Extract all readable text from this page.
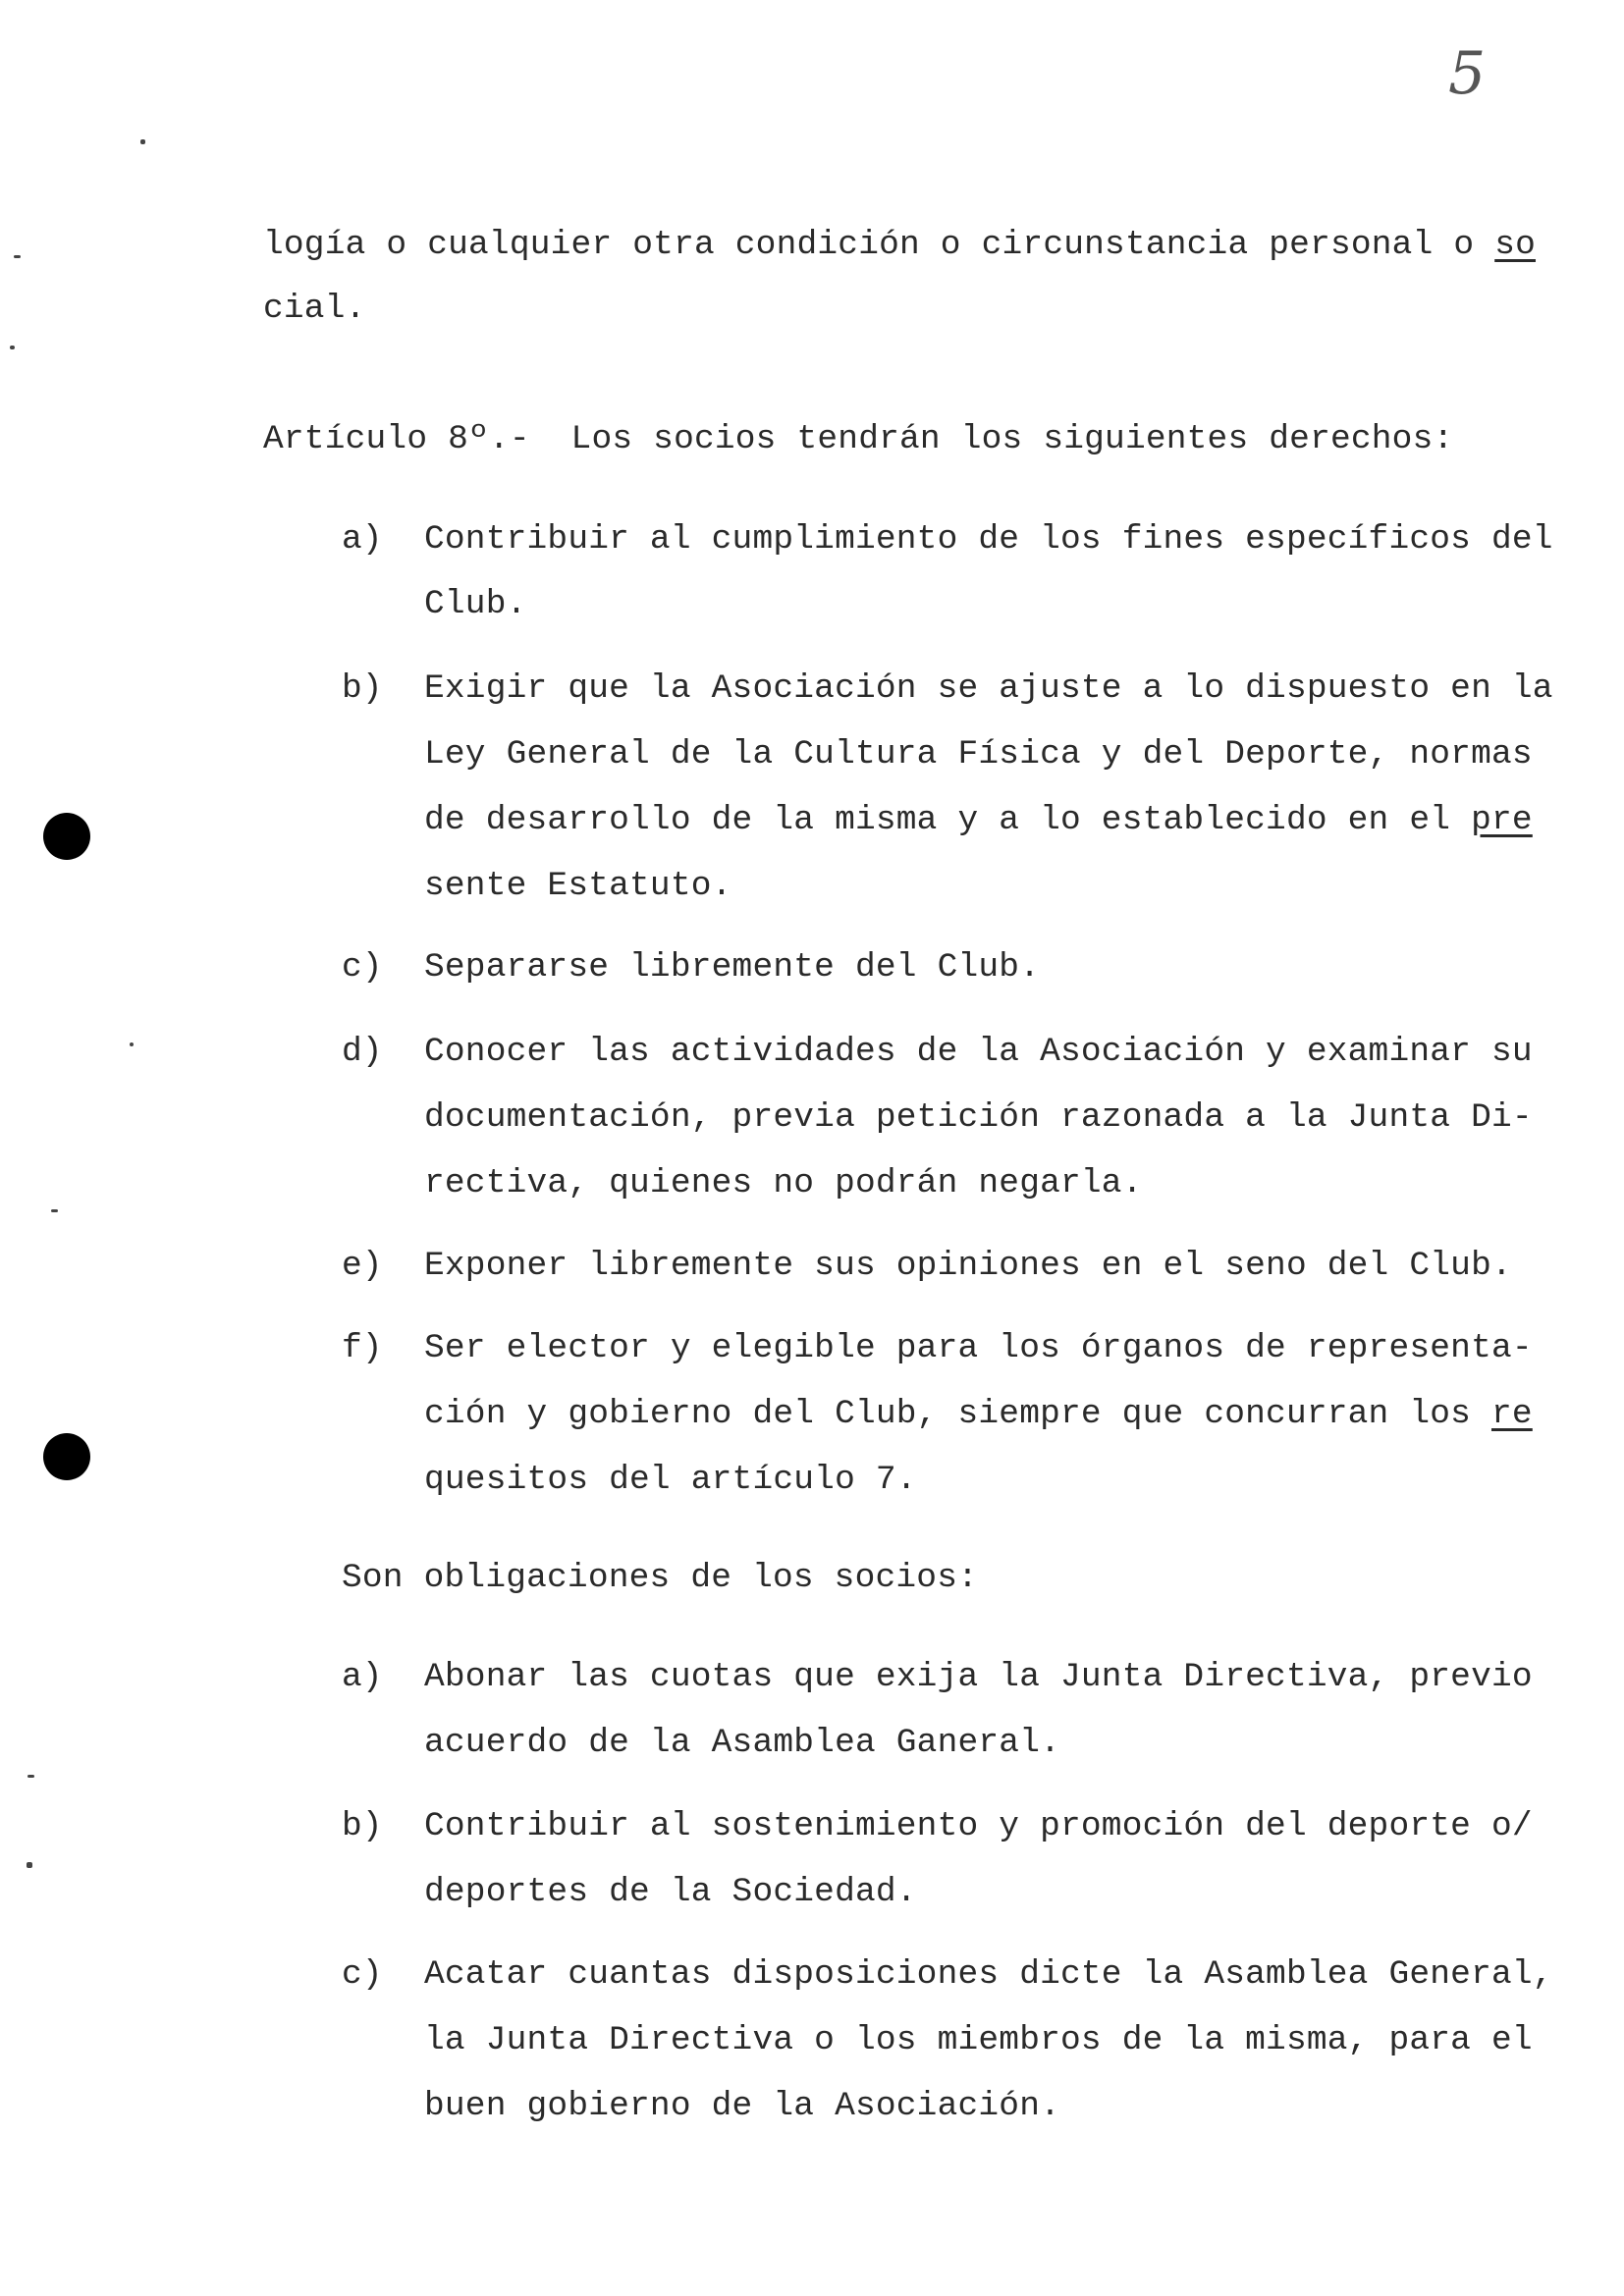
5
logía o cualquier otra condición o circunstancia personal o so
cial.
Artículo 8º.-  Los socios tendrán los siguientes derechos:
a) Contribuir al cumplimiento de los fines específicos del
Club.
b) Exigir que la Asociación se ajuste a lo dispuesto en la
Ley General de la Cultura Física y del Deporte, normas
de desarrollo de la misma y a lo establecido en el pre
sente Estatuto.
c) Separarse libremente del Club.
d) Conocer las actividades de la Asociación y examinar su
documentación, previa petición razonada a la Junta Di-
rectiva, quienes no podrán negarla.
e) Exponer libremente sus opiniones en el seno del Club.
f) Ser elector y elegible para los órganos de representa-
ción y gobierno del Club, siempre que concurran los re
quesitos del artículo 7.
Son obligaciones de los socios:
a) Abonar las cuotas que exija la Junta Directiva, previo
acuerdo de la Asamblea Ganeral.
b) Contribuir al sostenimiento y promoción del deporte o/
deportes de la Sociedad.
c) Acatar cuantas disposiciones dicte la Asamblea General,
la Junta Directiva o los miembros de la misma, para el
buen gobierno de la Asociación.
